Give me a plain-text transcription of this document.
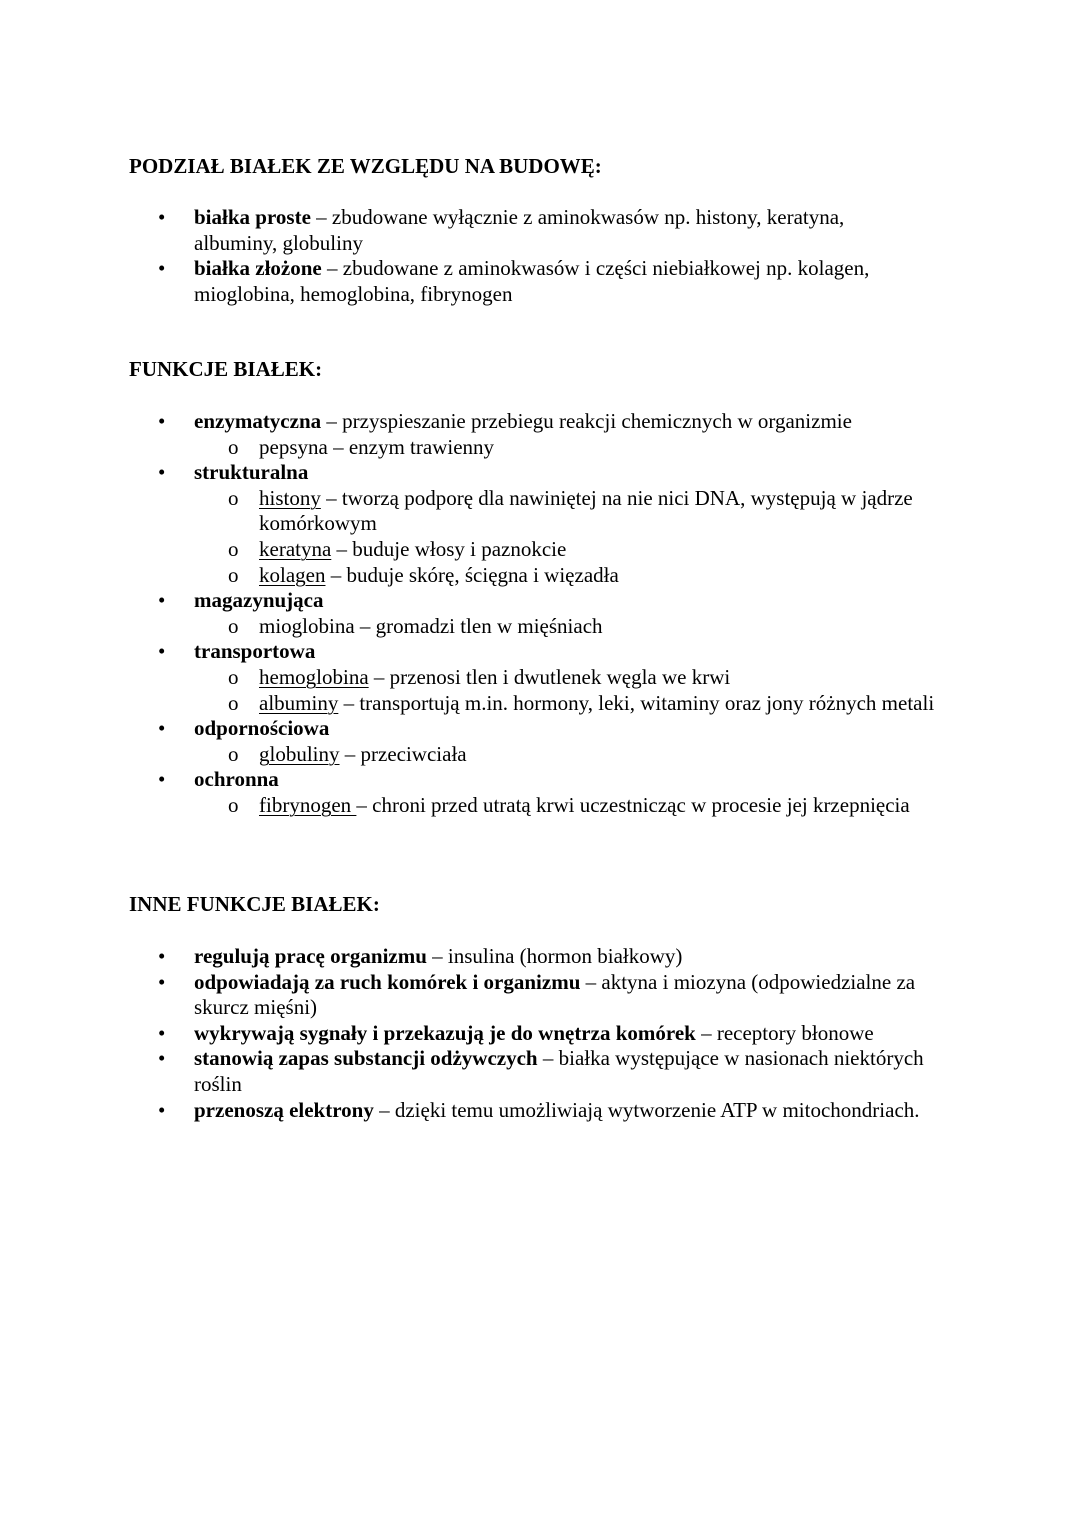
PODZIAŁ BIAŁEK ZE WZGLĘDU NA BUDOWĘ:
• białka proste – zbudowane wyłącznie z aminokwasów np. histony, keratyna, albuminy, globuliny
• białka złożone – zbudowane z aminokwasów i części niebiałkowej np. kolagen, mioglobina, hemoglobina, fibrynogen
FUNKCJE BIAŁEK:
• enzymatyczna – przyspieszanie przebiegu reakcji chemicznych w organizmie
o pepsyna – enzym trawienny
• strukturalna
o histony – tworzą podporę dla nawiniętej na nie nici DNA, występują w jądrze komórkowym
o keratyna – buduje włosy i paznokcie
o kolagen – buduje skórę, ścięgna i więzadła
• magazynująca
o mioglobina – gromadzi tlen w mięśniach
• transportowa
o hemoglobina – przenosi tlen i dwutlenek węgla we krwi
o albuminy – transportują m.in. hormony, leki, witaminy oraz jony różnych metali
• odpornościowa
o globuliny – przeciwciała
• ochronna
o fibrynogen – chroni przed utratą krwi uczestnicząc w procesie jej krzepnięcia
INNE FUNKCJE BIAŁEK:
• regulują pracę organizmu – insulina (hormon białkowy)
• odpowiadają za ruch komórek i organizmu – aktyna i miozyna (odpowiedzialne za skurcz mięśni)
• wykrywają sygnały i przekazują je do wnętrza komórek – receptory błonowe
• stanowią zapas substancji odżywczych – białka występujące w nasionach niektórych roślin
• przenoszą elektrony – dzięki temu umożliwiają wytworzenie ATP w mitochondriach.
